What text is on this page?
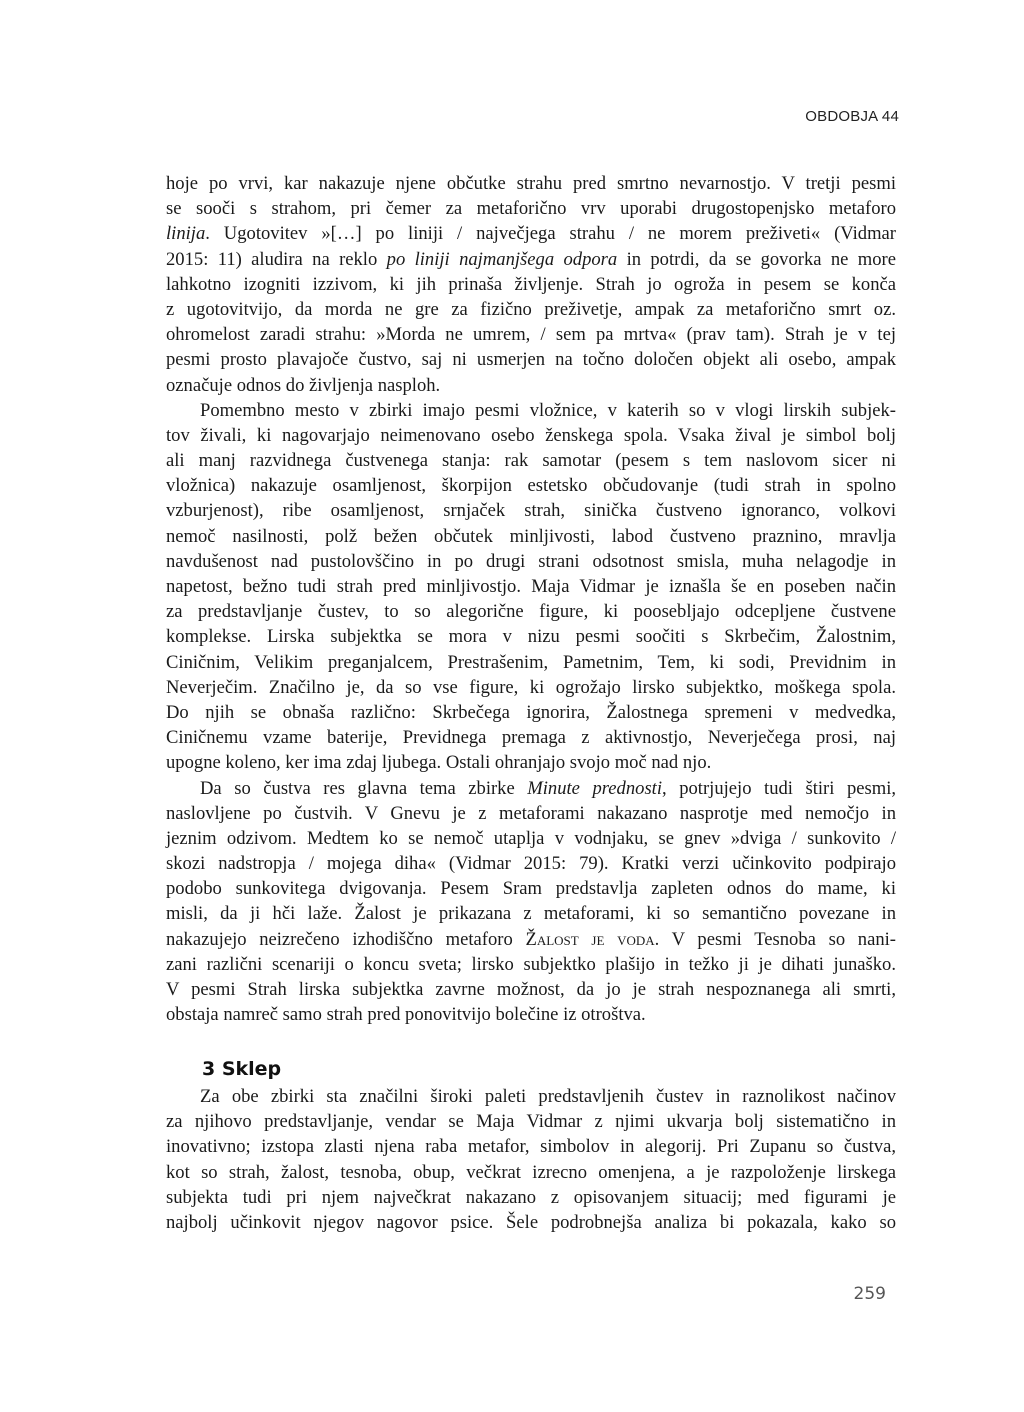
OBDOBJA 44
hoje po vrvi, kar nakazuje njene občutke strahu pred smrtno nevarnostjo. V tretji pesmi
se sooči s strahom, pri čemer za metaforično vrv uporabi drugostopenjsko metaforo
linija. Ugotovitev »[…] po liniji / največjega strahu / ne morem preživeti« (Vidmar
2015: 11) aludira na reklo po liniji najmanjšega odpora in potrdi, da se govorka ne more
lahkotno izogniti izzivom, ki jih prinaša življenje. Strah jo ogroža in pesem se konča
z ugotovitvijo, da morda ne gre za fizično preživetje, ampak za metaforično smrt oz.
ohromelost zaradi strahu: »Morda ne umrem, / sem pa mrtva« (prav tam). Strah je v tej
pesmi prosto plavajoče čustvo, saj ni usmerjen na točno določen objekt ali osebo, ampak
označuje odnos do življenja nasploh.
Pomembno mesto v zbirki imajo pesmi vložnice, v katerih so v vlogi lirskih subjek-
tov živali, ki nagovarjajo neimenovano osebo ženskega spola. Vsaka žival je simbol bolj
ali manj razvidnega čustvenega stanja: rak samotar (pesem s tem naslovom sicer ni
vložnica) nakazuje osamljenost, škorpijon estetsko občudovanje (tudi strah in spolno
vzburjenost), ribe osamljenost, srnjaček strah, sinička čustveno ignoranco, volkovi
nemoč nasilnosti, polž bežen občutek minljivosti, labod čustveno praznino, mravlja
navdušenost nad pustolovščino in po drugi strani odsotnost smisla, muha nelagodje in
napetost, bežno tudi strah pred minljivostjo. Maja Vidmar je iznašla še en poseben način
za predstavljanje čustev, to so alegorične figure, ki poosebljajo odcepljene čustvene
komplekse. Lirska subjektka se mora v nizu pesmi soočiti s Skrbečim, Žalostnim,
Ciničnim, Velikim preganjalcem, Prestrašenim, Pametnim, Tem, ki sodi, Previdnim in
Neverječim. Značilno je, da so vse figure, ki ogrožajo lirsko subjektko, moškega spola.
Do njih se obnaša različno: Skrbečega ignorira, Žalostnega spremeni v medvedka,
Ciničnemu vzame baterije, Previdnega premaga z aktivnostjo, Neverječega prosi, naj
upogne koleno, ker ima zdaj ljubega. Ostali ohranjajo svojo moč nad njo.
Da so čustva res glavna tema zbirke Minute prednosti, potrjujejo tudi štiri pesmi,
naslovljene po čustvih. V Gnevu je z metaforami nakazano nasprotje med nemočjo in
jeznim odzivom. Medtem ko se nemoč utaplja v vodnjaku, se gnev »dviga / sunkovito /
skozi nadstropja / mojega diha« (Vidmar 2015: 79). Kratki verzi učinkovito podpirajo
podobo sunkovitega dvigovanja. Pesem Sram predstavlja zapleten odnos do mame, ki
misli, da ji hči laže. Žalost je prikazana z metaforami, ki so semantično povezane in
nakazujejo neizrečeno izhodiščno metaforo Žalost je voda. V pesmi Tesnoba so nani-
zani različni scenariji o koncu sveta; lirsko subjektko plašijo in težko ji je dihati junaško.
V pesmi Strah lirska subjektka zavrne možnost, da jo je strah nespoznanega ali smrti,
obstaja namreč samo strah pred ponovitvijo bolečine iz otroštva.
3 Sklep
Za obe zbirki sta značilni široki paleti predstavljenih čustev in raznolikost načinov
za njihovo predstavljanje, vendar se Maja Vidmar z njimi ukvarja bolj sistematično in
inovativno; izstopa zlasti njena raba metafor, simbolov in alegorij. Pri Zupanu so čustva,
kot so strah, žalost, tesnoba, obup, večkrat izrecno omenjena, a je razpoloženje lirskega
subjekta tudi pri njem največkrat nakazano z opisovanjem situacij; med figurami je
najbolj učinkovit njegov nagovor psice. Šele podrobnejša analiza bi pokazala, kako so
259
